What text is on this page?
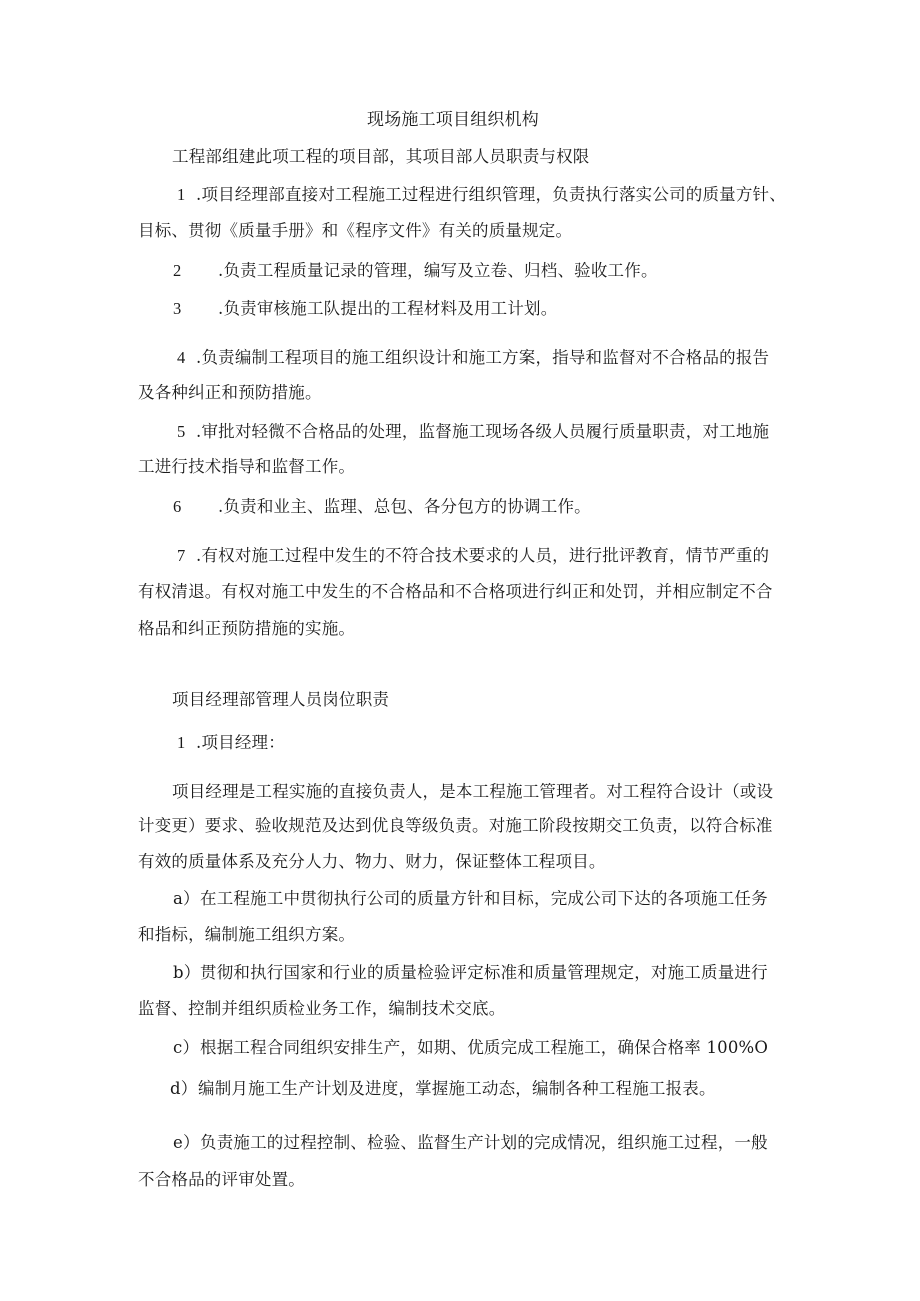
现场施工项目组织机构
工程部组建此项工程的项目部，其项目部人员职责与权限
1 .项目经理部直接对工程施工过程进行组织管理，负责执行落实公司的质量方针、
目标、贯彻《质量手册》和《程序文件》有关的质量规定。
2 .负责工程质量记录的管理，编写及立卷、归档、验收工作。
3 .负责审核施工队提出的工程材料及用工计划。
4 .负责编制工程项目的施工组织设计和施工方案，指导和监督对不合格品的报告
及各种纠正和预防措施。
5 .审批对轻微不合格品的处理，监督施工现场各级人员履行质量职责，对工地施
工进行技术指导和监督工作。
6 .负责和业主、监理、总包、各分包方的协调工作。
7 .有权对施工过程中发生的不符合技术要求的人员，进行批评教育，情节严重的
有权清退。有权对施工中发生的不合格品和不合格项进行纠正和处罚，并相应制定不合
格品和纠正预防措施的实施。
项目经理部管理人员岗位职责
1 .项目经理：
项目经理是工程实施的直接负责人，是本工程施工管理者。对工程符合设计（或设
计变更）要求、验收规范及达到优良等级负责。对施工阶段按期交工负责，以符合标准
有效的质量体系及充分人力、物力、财力，保证整体工程项目。
a） 在工程施工中贯彻执行公司的质量方针和目标，完成公司下达的各项施工任务
和指标，编制施工组织方案。
b） 贯彻和执行国家和行业的质量检验评定标准和质量管理规定，对施工质量进行
监督、控制并组织质检业务工作，编制技术交底。
c） 根据工程合同组织安排生产，如期、优质完成工程施工，确保合格率 100%O
d） 编制月施工生产计划及进度，掌握施工动态，编制各种工程施工报表。
e） 负责施工的过程控制、检验、监督生产计划的完成情况，组织施工过程，一般
不合格品的评审处置。
